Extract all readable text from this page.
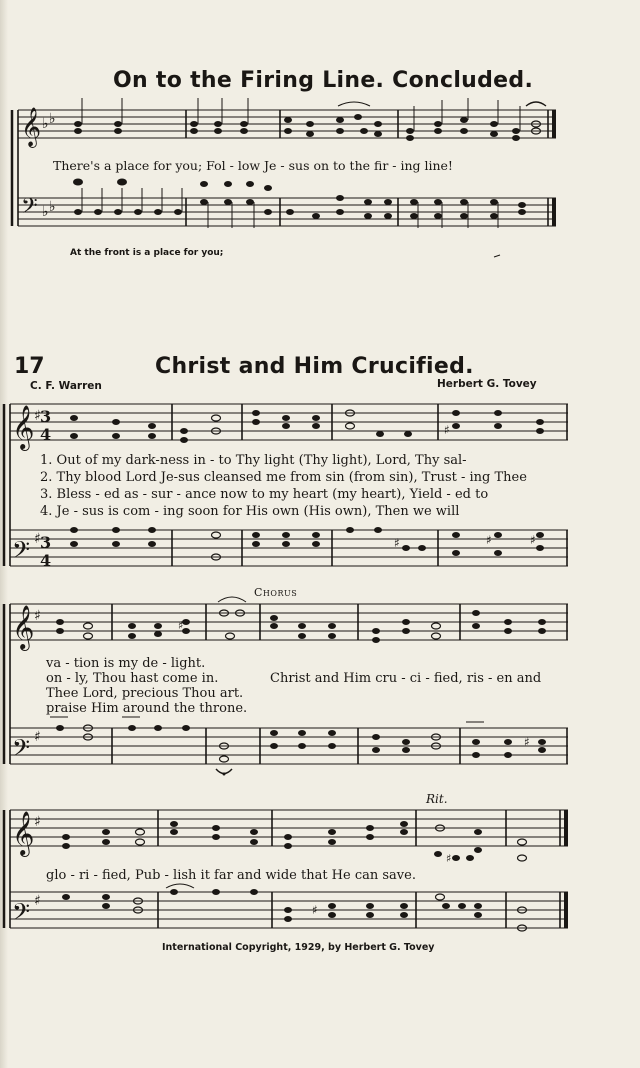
On to the Firing Line. Concluded.
𝄞
𝄢
♭ ♭
♭ ♭
There's a place for you; Fol - low Je - sus on to the fir - ing line!
At the front is a place for you;
17	Christ and Him Crucified.
C. F. Warren	Herbert G. Tovey
𝄞
𝄢
♯
♯
3
4
3
4
♯	♯	♯
♯
1. Out of my dark-ness in - to Thy light (Thy light), Lord, Thy sal-
2. Thy blood Lord Je-sus cleansed me from sin (from sin), Trust - ing Thee
3. Bless - ed as - sur - ance now to my heart (my heart), Yield - ed to
4. Je - sus is com - ing soon for His own (His own), Then we will
Chorus
𝄞
𝄢
♯
♯
♯
♯
va - tion is my de - light.
on - ly, Thou hast come in.
Thee Lord, precious Thou art.
praise Him around the throne.
Christ and Him cru - ci - fied, ris - en and
Rit.
𝄞
𝄢
♯
♯
♯
♯
glo - ri - fied, Pub - lish it far and wide that He can save.
International Copyright, 1929, by Herbert G. Tovey
